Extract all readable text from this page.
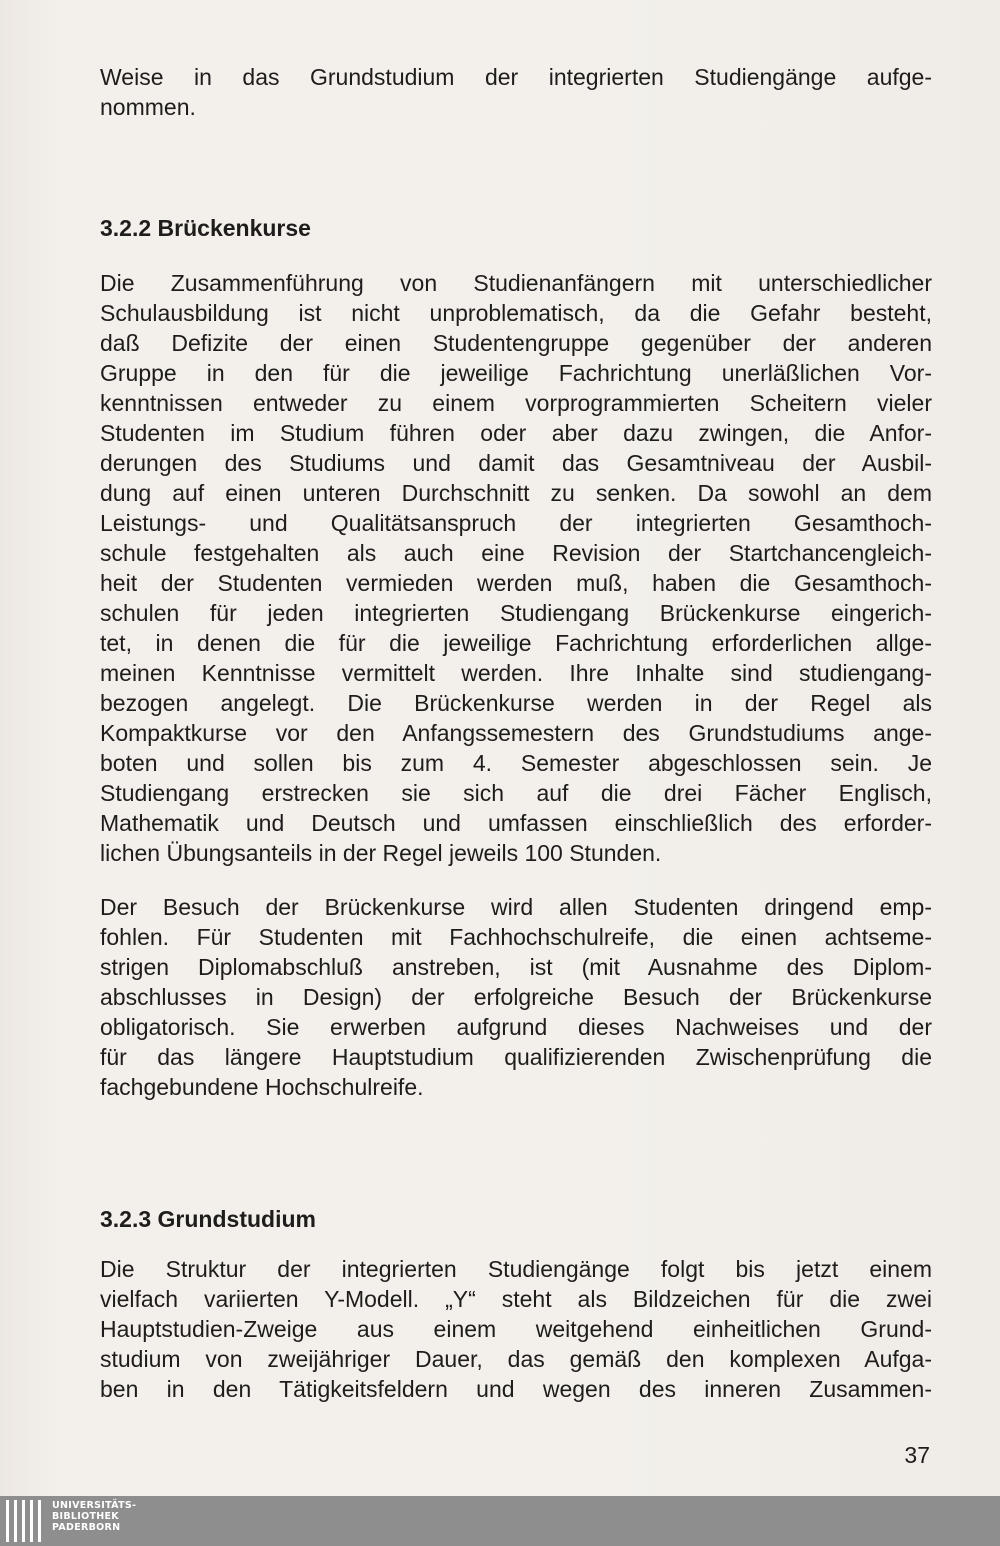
Weise in das Grundstudium der integrierten Studiengänge aufge-
nommen.
3.2.2 Brückenkurse
Die Zusammenführung von Studienanfängern mit unterschiedlicher
Schulausbildung ist nicht unproblematisch, da die Gefahr besteht,
daß Defizite der einen Studentengruppe gegenüber der anderen
Gruppe in den für die jeweilige Fachrichtung unerläßlichen Vor-
kenntnissen entweder zu einem vorprogrammierten Scheitern vieler
Studenten im Studium führen oder aber dazu zwingen, die Anfor-
derungen des Studiums und damit das Gesamtniveau der Ausbil-
dung auf einen unteren Durchschnitt zu senken. Da sowohl an dem
Leistungs- und Qualitätsanspruch der integrierten Gesamthoch-
schule festgehalten als auch eine Revision der Startchancengleich-
heit der Studenten vermieden werden muß, haben die Gesamthoch-
schulen für jeden integrierten Studiengang Brückenkurse eingerich-
tet, in denen die für die jeweilige Fachrichtung erforderlichen allge-
meinen Kenntnisse vermittelt werden. Ihre Inhalte sind studiengang-
bezogen angelegt. Die Brückenkurse werden in der Regel als
Kompaktkurse vor den Anfangssemestern des Grundstudiums ange-
boten und sollen bis zum 4. Semester abgeschlossen sein. Je
Studiengang erstrecken sie sich auf die drei Fächer Englisch,
Mathematik und Deutsch und umfassen einschließlich des erforder-
lichen Übungsanteils in der Regel jeweils 100 Stunden.
Der Besuch der Brückenkurse wird allen Studenten dringend emp-
fohlen. Für Studenten mit Fachhochschulreife, die einen achtseme-
strigen Diplomabschluß anstreben, ist (mit Ausnahme des Diplom-
abschlusses in Design) der erfolgreiche Besuch der Brückenkurse
obligatorisch. Sie erwerben aufgrund dieses Nachweises und der
für das längere Hauptstudium qualifizierenden Zwischenprüfung die
fachgebundene Hochschulreife.
3.2.3 Grundstudium
Die Struktur der integrierten Studiengänge folgt bis jetzt einem
vielfach variierten Y-Modell. „Y“ steht als Bildzeichen für die zwei
Hauptstudien-Zweige aus einem weitgehend einheitlichen Grund-
studium von zweijähriger Dauer, das gemäß den komplexen Aufga-
ben in den Tätigkeitsfeldern und wegen des inneren Zusammen-
37
UNIVERSITÄTS-
BIBLIOTHEK
PADERBORN
